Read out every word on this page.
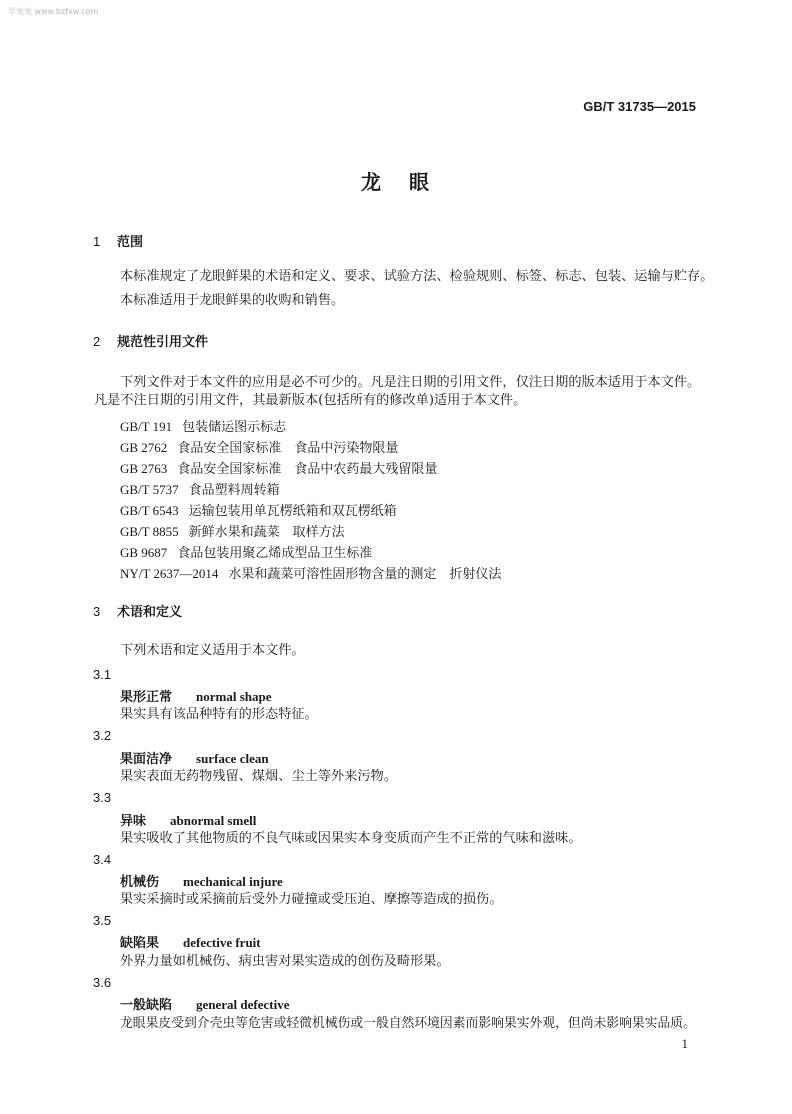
学兔兔 www.bzfxw.com
GB/T 31735—2015
龙 眼
1 范围
本标准规定了龙眼鲜果的术语和定义、要求、试验方法、检验规则、标签、标志、包装、运输与贮存。
本标准适用于龙眼鲜果的收购和销售。
2 规范性引用文件
下列文件对于本文件的应用是必不可少的。凡是注日期的引用文件，仅注日期的版本适用于本文件。凡是不注日期的引用文件，其最新版本(包括所有的修改单)适用于本文件。
GB/T 191 包装储运图示标志
GB 2762 食品安全国家标准　食品中污染物限量
GB 2763 食品安全国家标准　食品中农药最大残留限量
GB/T 5737 食品塑料周转箱
GB/T 6543 运输包装用单瓦楞纸箱和双瓦楞纸箱
GB/T 8855 新鲜水果和蔬菜　取样方法
GB 9687 食品包装用聚乙烯成型品卫生标准
NY/T 2637—2014 水果和蔬菜可溶性固形物含量的测定　折射仪法
3 术语和定义
下列术语和定义适用于本文件。
3.1
果形正常 normal shape
果实具有该品种特有的形态特征。
3.2
果面洁净 surface clean
果实表面无药物残留、煤烟、尘土等外来污物。
3.3
异味 abnormal smell
果实吸收了其他物质的不良气味或因果实本身变质而产生不正常的气味和滋味。
3.4
机械伤 mechanical injure
果实采摘时或采摘前后受外力碰撞或受压迫、摩擦等造成的损伤。
3.5
缺陷果 defective fruit
外界力量如机械伤、病虫害对果实造成的创伤及畸形果。
3.6
一般缺陷 general defective
龙眼果皮受到介壳虫等危害或轻微机械伤或一般自然环境因素而影响果实外观，但尚未影响果实品质。
1
